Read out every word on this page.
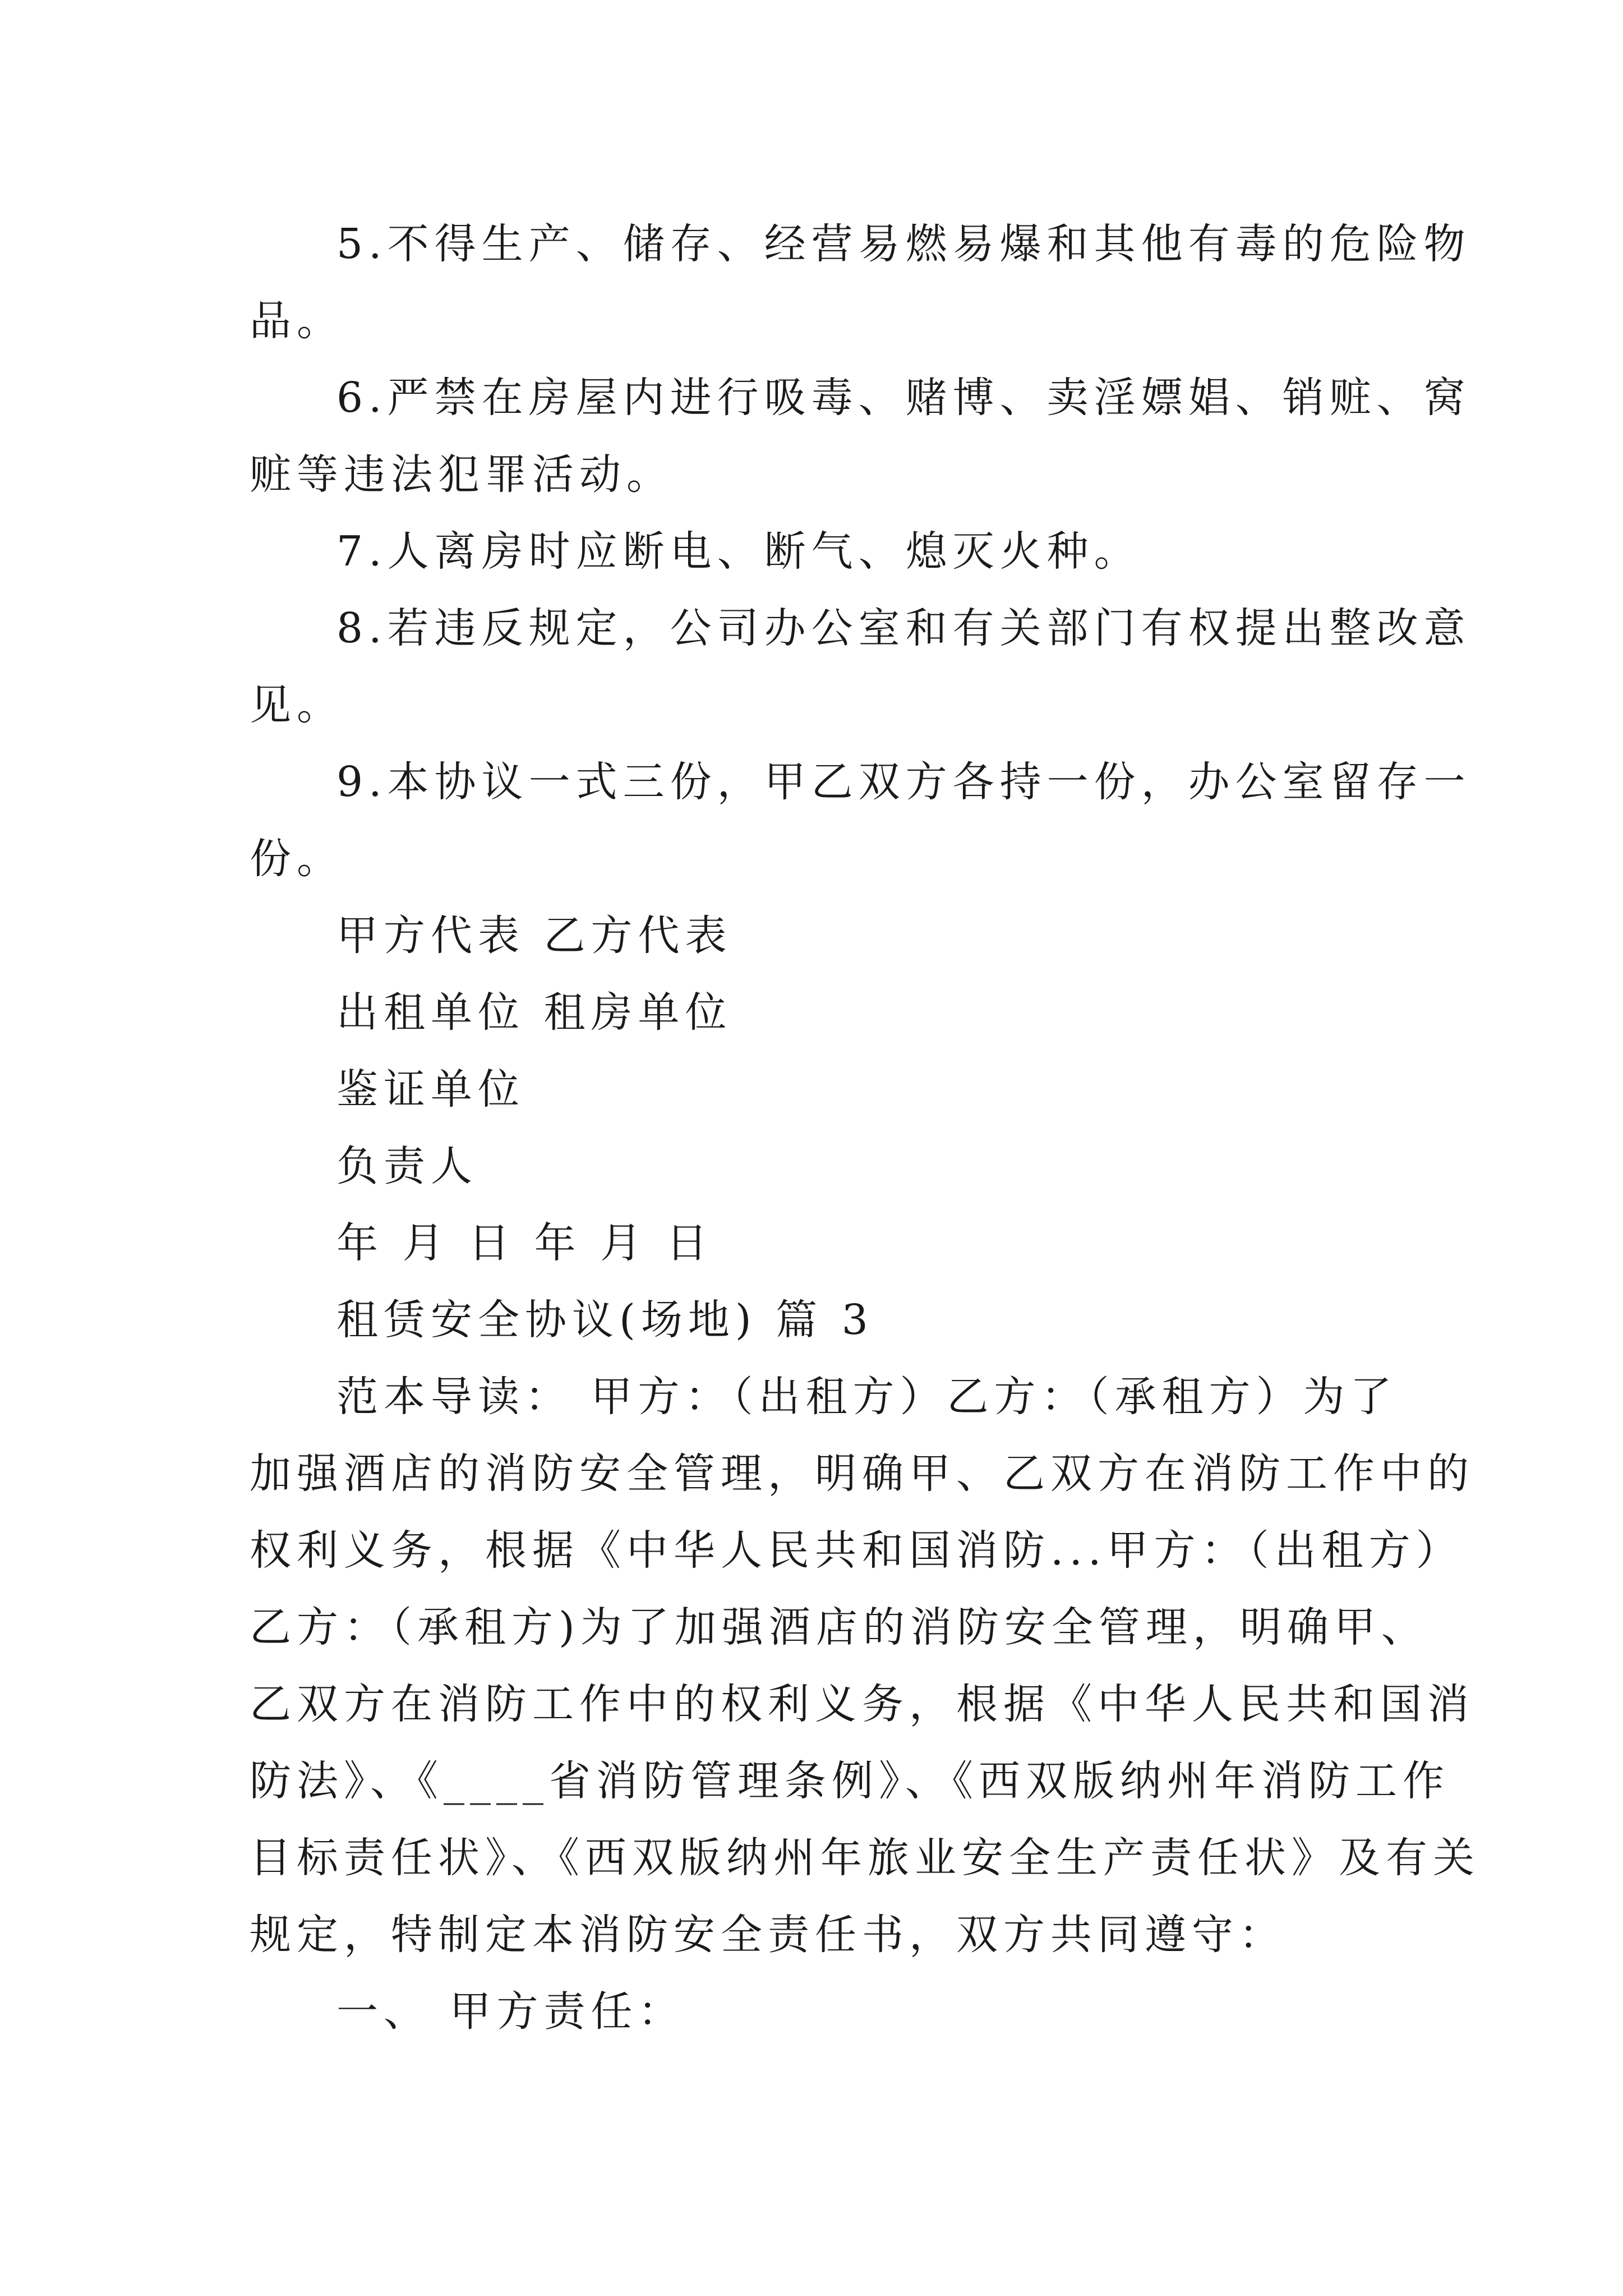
5.不得生产、储存、经营易燃易爆和其他有毒的危险物
品。
6.严禁在房屋内进行吸毒、赌博、卖淫嫖娼、销赃、窝
赃等违法犯罪活动。
7.人离房时应断电、断气、熄灭火种。
8.若违反规定，公司办公室和有关部门有权提出整改意
见。
9.本协议一式三份，甲乙双方各持一份，办公室留存一
份。
甲方代表 乙方代表
出租单位 租房单位
鉴证单位
负责人
年 月 日 年 月 日
租赁安全协议(场地) 篇 3
范本导读： 甲方：（出租方）乙方：（承租方）为了
加强酒店的消防安全管理，明确甲、乙双方在消防工作中的
权利义务，根据《中华人民共和国消防...甲方：（出租方）
乙方：（承租方)为了加强酒店的消防安全管理，明确甲、
乙双方在消防工作中的权利义务，根据《中华人民共和国消
防法》、《____省消防管理条例》、《西双版纳州年消防工作
目标责任状》、《西双版纳州年旅业安全生产责任状》及有关
规定，特制定本消防安全责任书，双方共同遵守：
一、 甲方责任：
